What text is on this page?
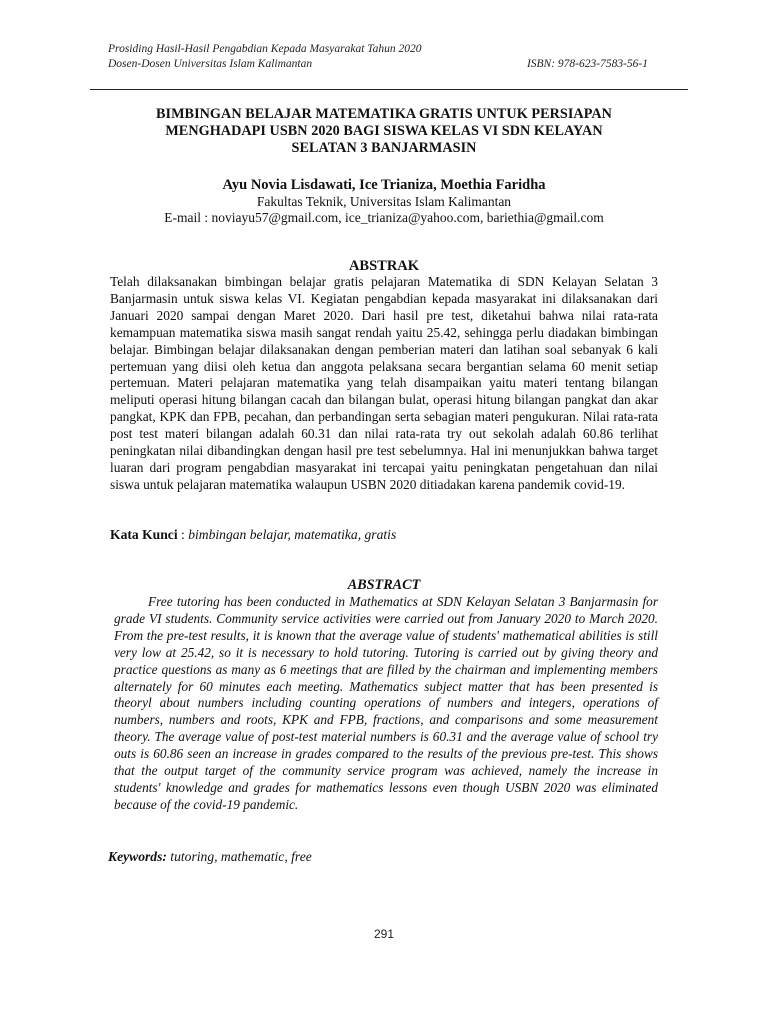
Prosiding Hasil-Hasil Pengabdian Kepada Masyarakat Tahun 2020
Dosen-Dosen Universitas Islam Kalimantan	ISBN: 978-623-7583-56-1
BIMBINGAN BELAJAR MATEMATIKA GRATIS UNTUK PERSIAPAN
MENGHADAPI USBN 2020 BAGI SISWA KELAS VI SDN KELAYAN
SELATAN 3 BANJARMASIN
Ayu Novia Lisdawati, Ice Trianiza, Moethia Faridha
Fakultas Teknik, Universitas Islam Kalimantan
E-mail : noviayu57@gmail.com, ice_trianiza@yahoo.com, bariethia@gmail.com
ABSTRAK
Telah dilaksanakan bimbingan belajar gratis pelajaran Matematika di SDN Kelayan Selatan 3 Banjarmasin untuk siswa kelas VI. Kegiatan pengabdian kepada masyarakat ini dilaksanakan dari Januari 2020 sampai dengan Maret 2020. Dari hasil pre test, diketahui bahwa nilai rata-rata kemampuan matematika siswa masih sangat rendah yaitu 25.42, sehingga perlu diadakan bimbingan belajar. Bimbingan belajar dilaksanakan dengan pemberian materi dan latihan soal sebanyak 6 kali pertemuan yang diisi oleh ketua dan anggota pelaksana secara bergantian selama 60 menit setiap pertemuan. Materi pelajaran matematika yang telah disampaikan yaitu materi tentang bilangan meliputi operasi hitung bilangan cacah dan bilangan bulat, operasi hitung bilangan pangkat dan akar pangkat, KPK dan FPB, pecahan, dan perbandingan serta sebagian materi pengukuran. Nilai rata-rata post test materi bilangan adalah 60.31 dan nilai rata-rata try out sekolah adalah 60.86 terlihat peningkatan nilai dibandingkan dengan hasil pre test sebelumnya. Hal ini menunjukkan bahwa target luaran dari program pengabdian masyarakat ini tercapai yaitu peningkatan pengetahuan dan nilai siswa untuk pelajaran matematika walaupun USBN 2020 ditiadakan karena pandemik covid-19.
Kata Kunci : bimbingan belajar, matematika, gratis
ABSTRACT
Free tutoring has been conducted in Mathematics at SDN Kelayan Selatan 3 Banjarmasin for grade VI students. Community service activities were carried out from January 2020 to March 2020. From the pre-test results, it is known that the average value of students' mathematical abilities is still very low at 25.42, so it is necessary to hold tutoring. Tutoring is carried out by giving theory and practice questions as many as 6 meetings that are filled by the chairman and implementing members alternately for 60 minutes each meeting. Mathematics subject matter that has been presented is theoryl about numbers including counting operations of numbers and integers, operations of numbers, numbers and roots, KPK and FPB, fractions, and comparisons and some measurement theory. The average value of post-test material numbers is 60.31 and the average value of school try outs is 60.86 seen an increase in grades compared to the results of the previous pre-test. This shows that the output target of the community service program was achieved, namely the increase in students' knowledge and grades for mathematics lessons even though USBN 2020 was eliminated because of the covid-19 pandemic.
Keywords: tutoring, mathematic, free
291
